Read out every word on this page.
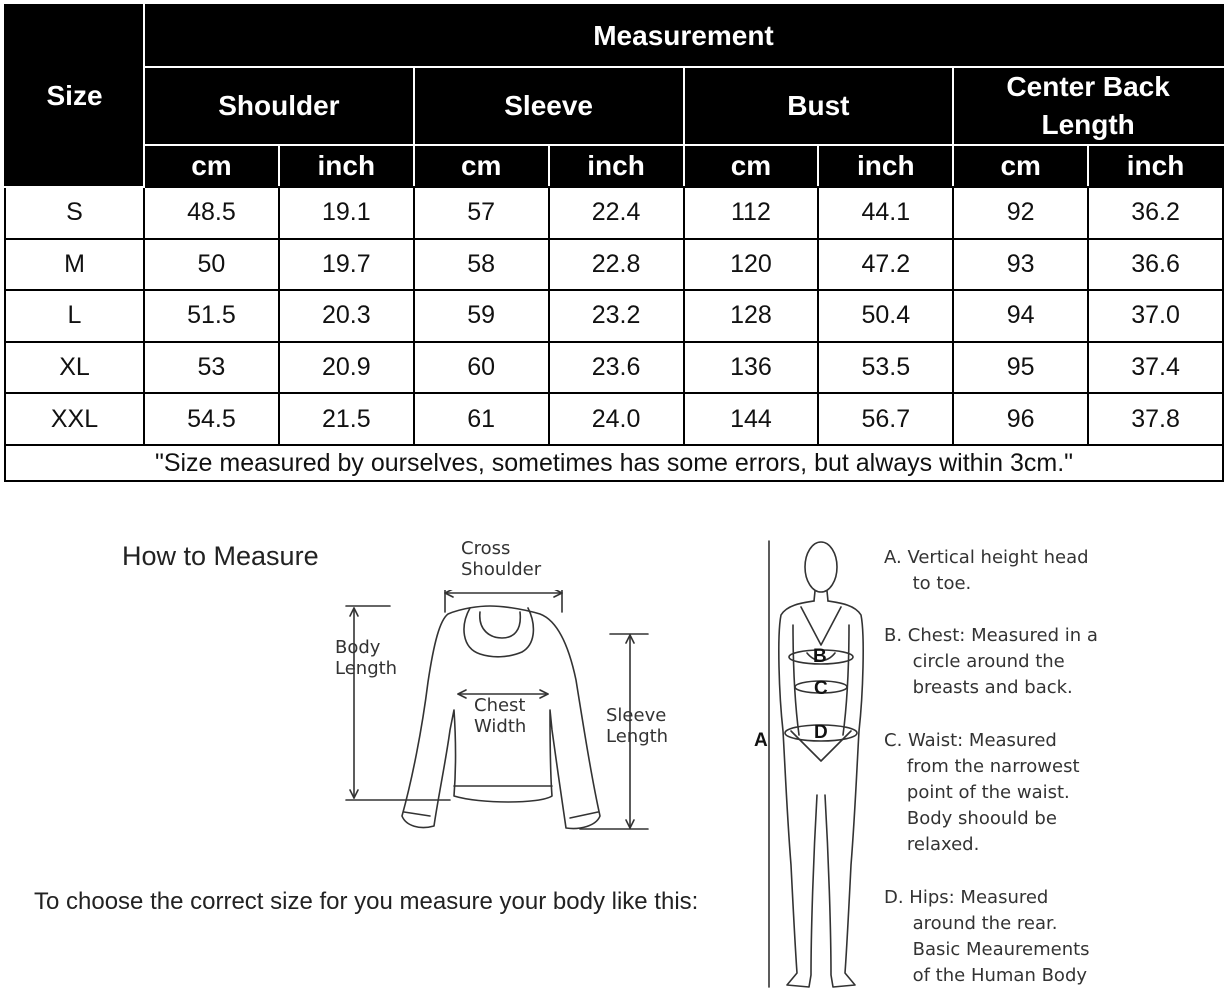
Size	Measurement							
	Shoulder		Sleeve		Bust		Center Back Length	

	cm	inch	cm	inch	cm	inch	cm	inch
S	48.5	19.1	57	22.4	112	44.1	92	36.2
M	50	19.7	58	22.8	120	47.2	93	36.6
L	51.5	20.3	59	23.2	128	50.4	94	37.0
XL	53	20.9	60	23.6	136	53.5	95	37.4
XXL	54.5	21.5	61	24.0	144	56.7	96	37.8
"Size measured by ourselves, sometimes has some errors, but always within 3cm."								
How to Measure
To choose the correct size for you measure your body like this:
Cross
Shoulder
Body
Length
Chest
Width
Sleeve
Length
B
C
D
A
A. Vertical height head
to toe.
B. Chest: Measured in a
circle around the
breasts and back.
C. Waist: Measured
from the narrowest
point of the waist.
Body shoould be
relaxed.
D. Hips: Measured
around the rear.
Basic Meaurements
of the Human Body
